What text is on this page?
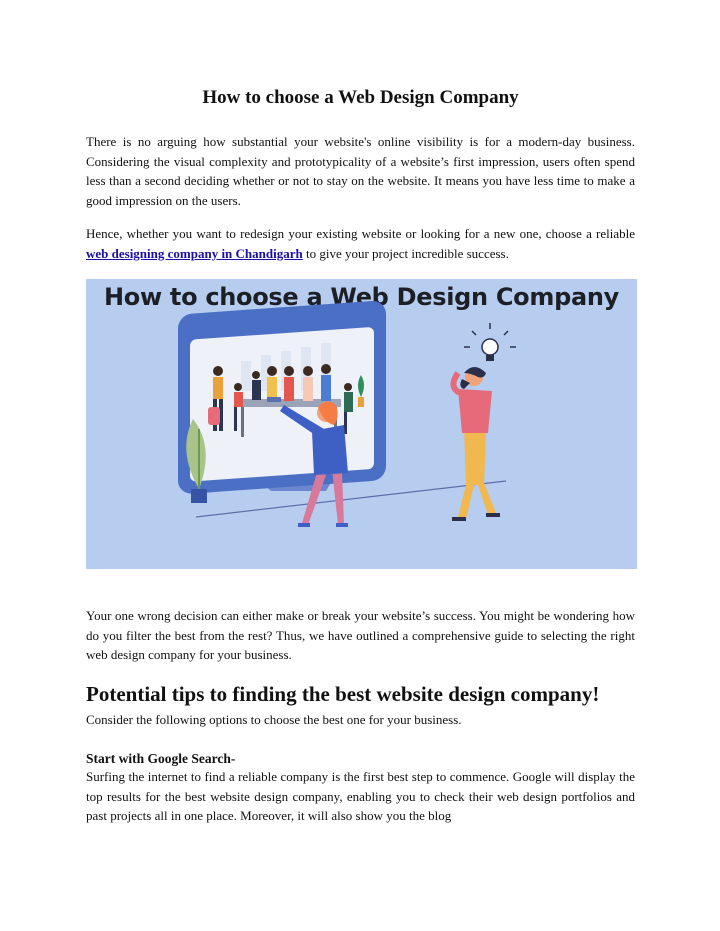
How to choose a Web Design Company

There is no arguing how substantial your website's online visibility is for a modern-day business. Considering the visual complexity and prototypicality of a website’s first impression, users often spend less than a second deciding whether or not to stay on the website. It means you have less time to make a good impression on the users.

Hence, whether you want to redesign your existing website or looking for a new one, choose a reliable web designing company in Chandigarh to give your project incredible success.

How to choose a Web Design Company

Your one wrong decision can either make or break your website’s success. You might be wondering how do you filter the best from the rest? Thus, we have outlined a comprehensive guide to selecting the right web design company for your business.

Potential tips to finding the best website design company!

Consider the following options to choose the best one for your business.

Start with Google Search-

Surfing the internet to find a reliable company is the first best step to commence. Google will display the top results for the best website design company, enabling you to check their web design portfolios and past projects all in one place. Moreover, it will also show you the blog
